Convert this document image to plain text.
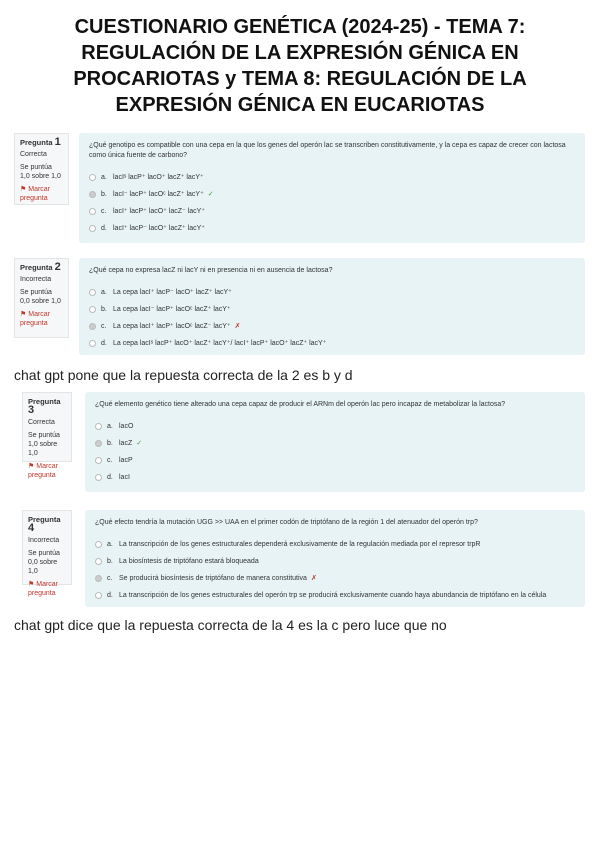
CUESTIONARIO GENÉTICA (2024-25) - TEMA 7: REGULACIÓN DE LA EXPRESIÓN GÉNICA EN PROCARIOTAS y TEMA 8: REGULACIÓN DE LA EXPRESIÓN GÉNICA EN EUCARIOTAS
Pregunta 1
Correcta
Se puntúa 1,0 sobre 1,0
⚑ Marcar pregunta
¿Qué genotipo es compatible con una cepa en la que los genes del operón lac se transcriben constitutivamente, y la cepa es capaz de crecer con lactosa como única fuente de carbono?
a. lacIˢ lacP⁺ lacO⁺ lacZ⁺ lacY⁺
b. lacI⁻ lacP⁺ lacOᶜ lacZ⁺ lacY⁺ ✓
c. lacI⁺ lacP⁺ lacO⁺ lacZ⁻ lacY⁺
d. lacI⁺ lacP⁻ lacO⁺ lacZ⁺ lacY⁺
Pregunta 2
Incorrecta
Se puntúa 0,0 sobre 1,0
⚑ Marcar pregunta
¿Qué cepa no expresa lacZ ni lacY ni en presencia ni en ausencia de lactosa?
a. La cepa lacI⁺ lacP⁻ lacO⁺ lacZ⁺ lacY⁺
b. La cepa lacI⁻ lacP⁺ lacOᶜ lacZ⁺ lacY⁺
c. La cepa lacI⁺ lacP⁺ lacOᶜ lacZ⁻ lacY⁺ ✗
d. La cepa lacIˢ lacP⁺ lacO⁺ lacZ⁺ lacY⁺/ lacI⁺ lacP⁺ lacO⁺ lacZ⁺ lacY⁺
Pregunta 3
Correcta
Se puntúa 1,0 sobre 1,0
⚑ Marcar pregunta
¿Qué elemento genético tiene alterado una cepa capaz de producir el ARNm del operón lac pero incapaz de metabolizar la lactosa?
a. lacO
b. lacZ ✓
c. lacP
d. lacI
Pregunta 4
Incorrecta
Se puntúa 0,0 sobre 1,0
⚑ Marcar pregunta
¿Qué efecto tendría la mutación UGG >> UAA en el primer codón de triptófano de la región 1 del atenuador del operón trp?
a. La transcripción de los genes estructurales dependerá exclusivamente de la regulación mediada por el represor trpR
b. La biosíntesis de triptófano estará bloqueada
c. Se producirá biosíntesis de triptófano de manera constitutiva ✗
d. La transcripción de los genes estructurales del operón trp se producirá exclusivamente cuando haya abundancia de triptófano en la célula
chat gpt pone que la repuesta correcta de la 2 es b y d
chat gpt dice que la repuesta correcta de la 4 es la c pero luce que no
